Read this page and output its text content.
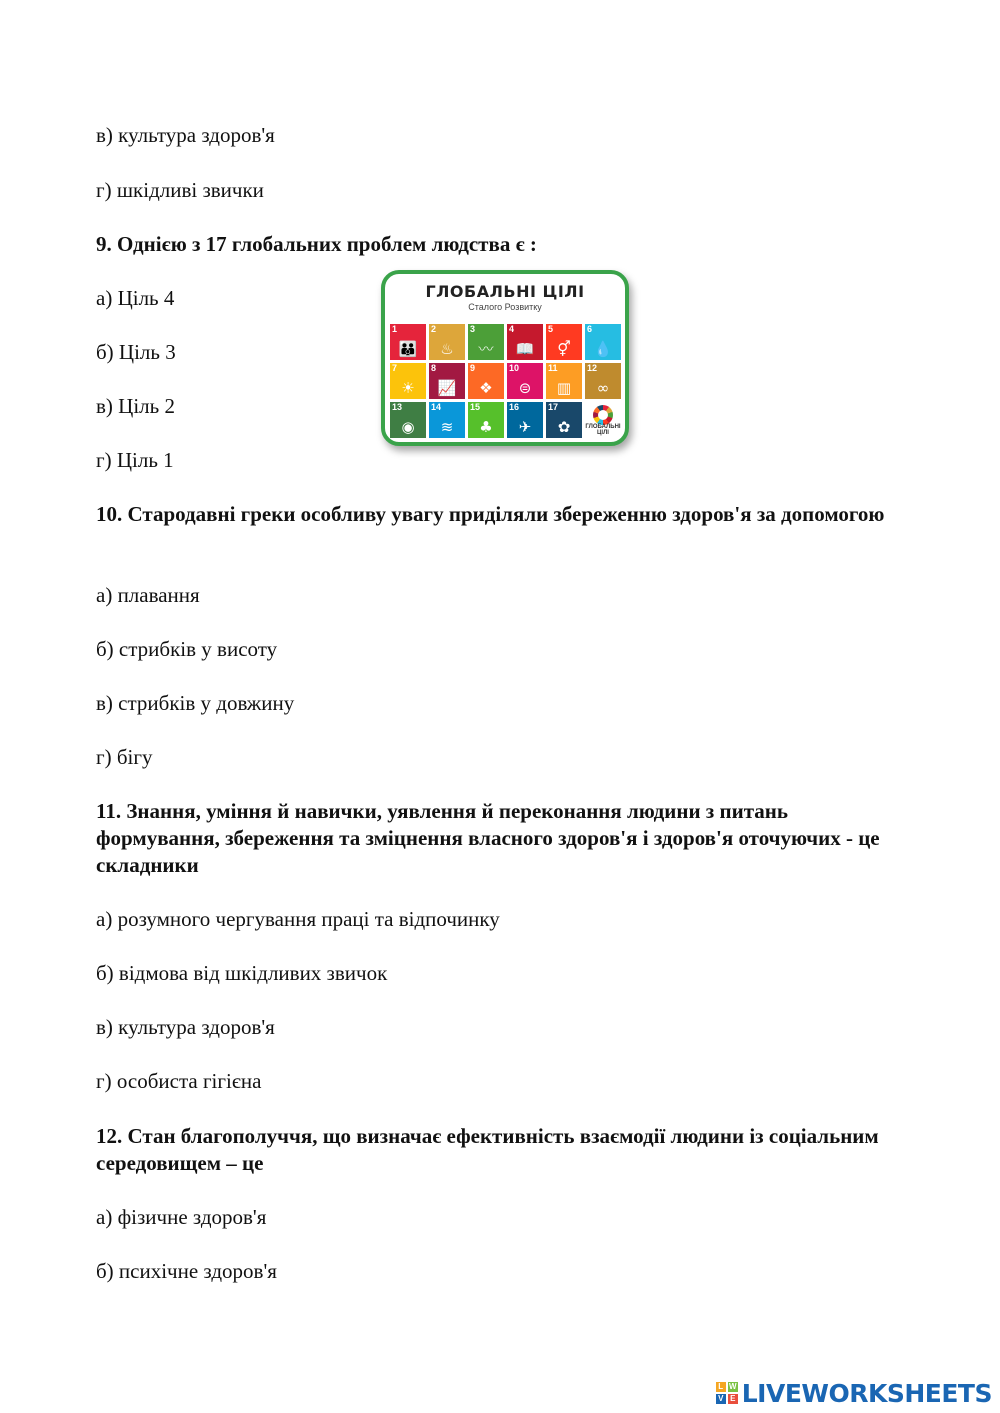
в) культура здоров'я
г) шкідливі звички
9. Однією з 17 глобальних проблем людства є :
а) Ціль 4
б) Ціль 3
в) Ціль 2
г) Ціль 1
ГЛОБАЛЬНІ ЦІЛІ
Сталого Розвитку
1
👪
2
♨
3
〰
4
📖
5
⚥
6
💧
7
☀
8
📈
9
❖
10
⊜
11
▥
12
∞
13
◉
14
≋
15
♣
16
✈
17
✿	ГЛОБАЛЬНІ ЦІЛІ
10. Стародавні греки особливу увагу приділяли збереженню здоров'я за допомогою
а) плавання
б) стрибків у висоту
в) стрибків у довжину
г) бігу
11. Знання, уміння й навички, уявлення й переконання людини з питань формування, збереження та зміцнення власного здоров'я і здоров'я оточуючих - це складники
а) розумного чергування праці та відпочинку
б) відмова від шкідливих звичок
в) культура здоров'я
г) особиста гігієна
12. Стан благополуччя, що визначає ефективність взаємодії людини із соціальним середовищем – це
а) фізичне здоров'я
б) психічне здоров'я
L W
V E LIVEWORKSHEETS
